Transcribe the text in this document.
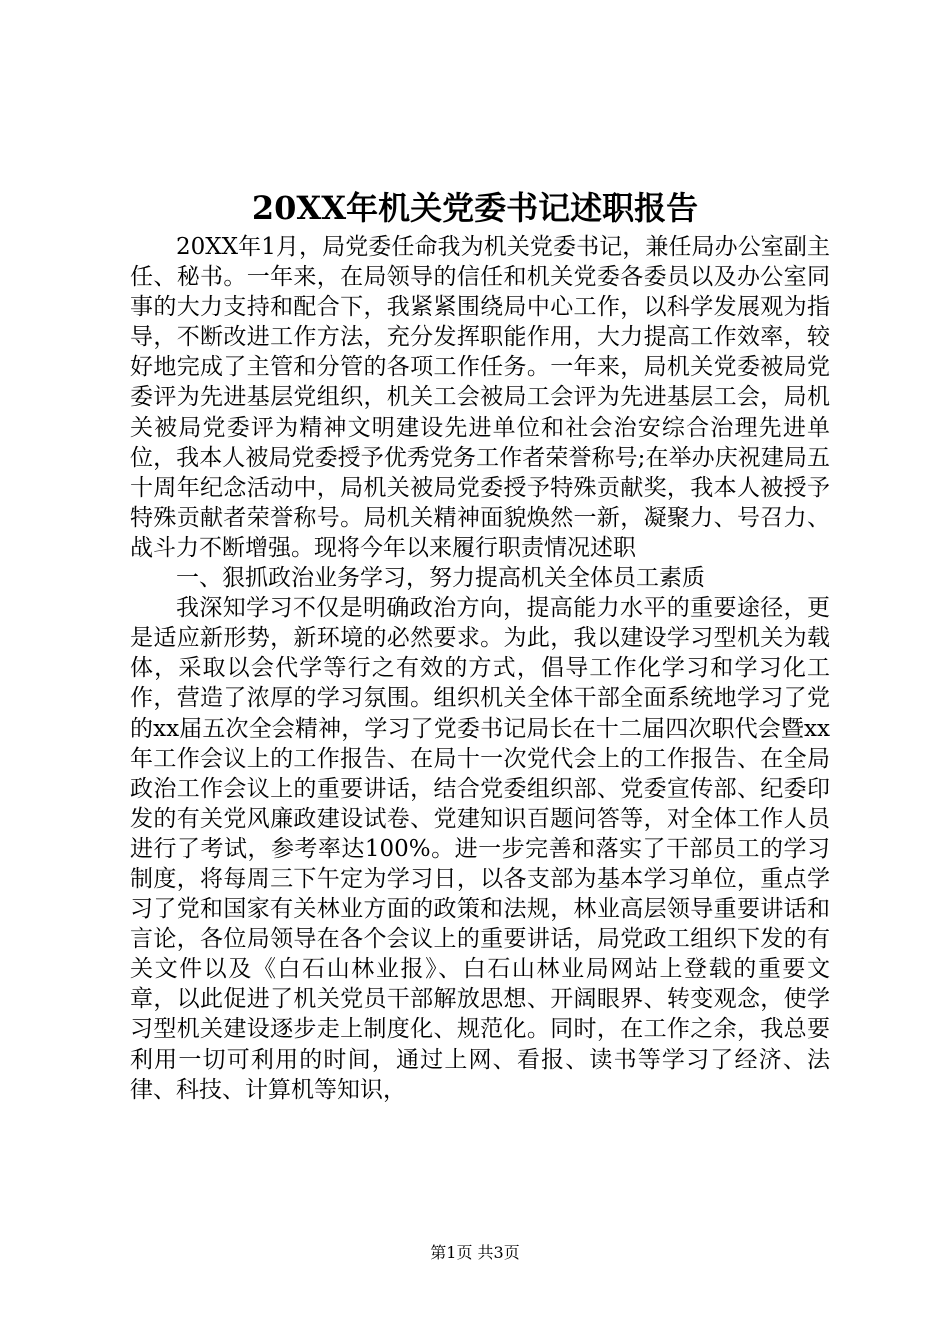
20XX年机关党委书记述职报告

20XX年1月，局党委任命我为机关党委书记，兼任局办公室副主任、秘书。一年来，在局领导的信任和机关党委各委员以及办公室同事的大力支持和配合下，我紧紧围绕局中心工作，以科学发展观为指导，不断改进工作方法，充分发挥职能作用，大力提高工作效率，较好地完成了主管和分管的各项工作任务。一年来，局机关党委被局党委评为先进基层党组织，机关工会被局工会评为先进基层工会，局机关被局党委评为精神文明建设先进单位和社会治安综合治理先进单位，我本人被局党委授予优秀党务工作者荣誉称号;在举办庆祝建局五十周年纪念活动中，局机关被局党委授予特殊贡献奖，我本人被授予特殊贡献者荣誉称号。局机关精神面貌焕然一新，凝聚力、号召力、战斗力不断增强。现将今年以来履行职责情况述职

一、狠抓政治业务学习，努力提高机关全体员工素质

我深知学习不仅是明确政治方向，提高能力水平的重要途径，更是适应新形势，新环境的必然要求。为此，我以建设学习型机关为载体，采取以会代学等行之有效的方式，倡导工作化学习和学习化工作，营造了浓厚的学习氛围。组织机关全体干部全面系统地学习了党的xx届五次全会精神，学习了党委书记局长在十二届四次职代会暨xx年工作会议上的工作报告、在局十一次党代会上的工作报告、在全局政治工作会议上的重要讲话，结合党委组织部、党委宣传部、纪委印发的有关党风廉政建设试卷、党建知识百题问答等，对全体工作人员进行了考试，参考率达100%。进一步完善和落实了干部员工的学习制度，将每周三下午定为学习日，以各支部为基本学习单位，重点学习了党和国家有关林业方面的政策和法规，林业高层领导重要讲话和言论，各位局领导在各个会议上的重要讲话，局党政工组织下发的有关文件以及《白石山林业报》、白石山林业局网站上登载的重要文章，以此促进了机关党员干部解放思想、开阔眼界、转变观念，使学习型机关建设逐步走上制度化、规范化。同时，在工作之余，我总要利用一切可利用的时间，通过上网、看报、读书等学习了经济、法律、科技、计算机等知识，

第1页 共3页
